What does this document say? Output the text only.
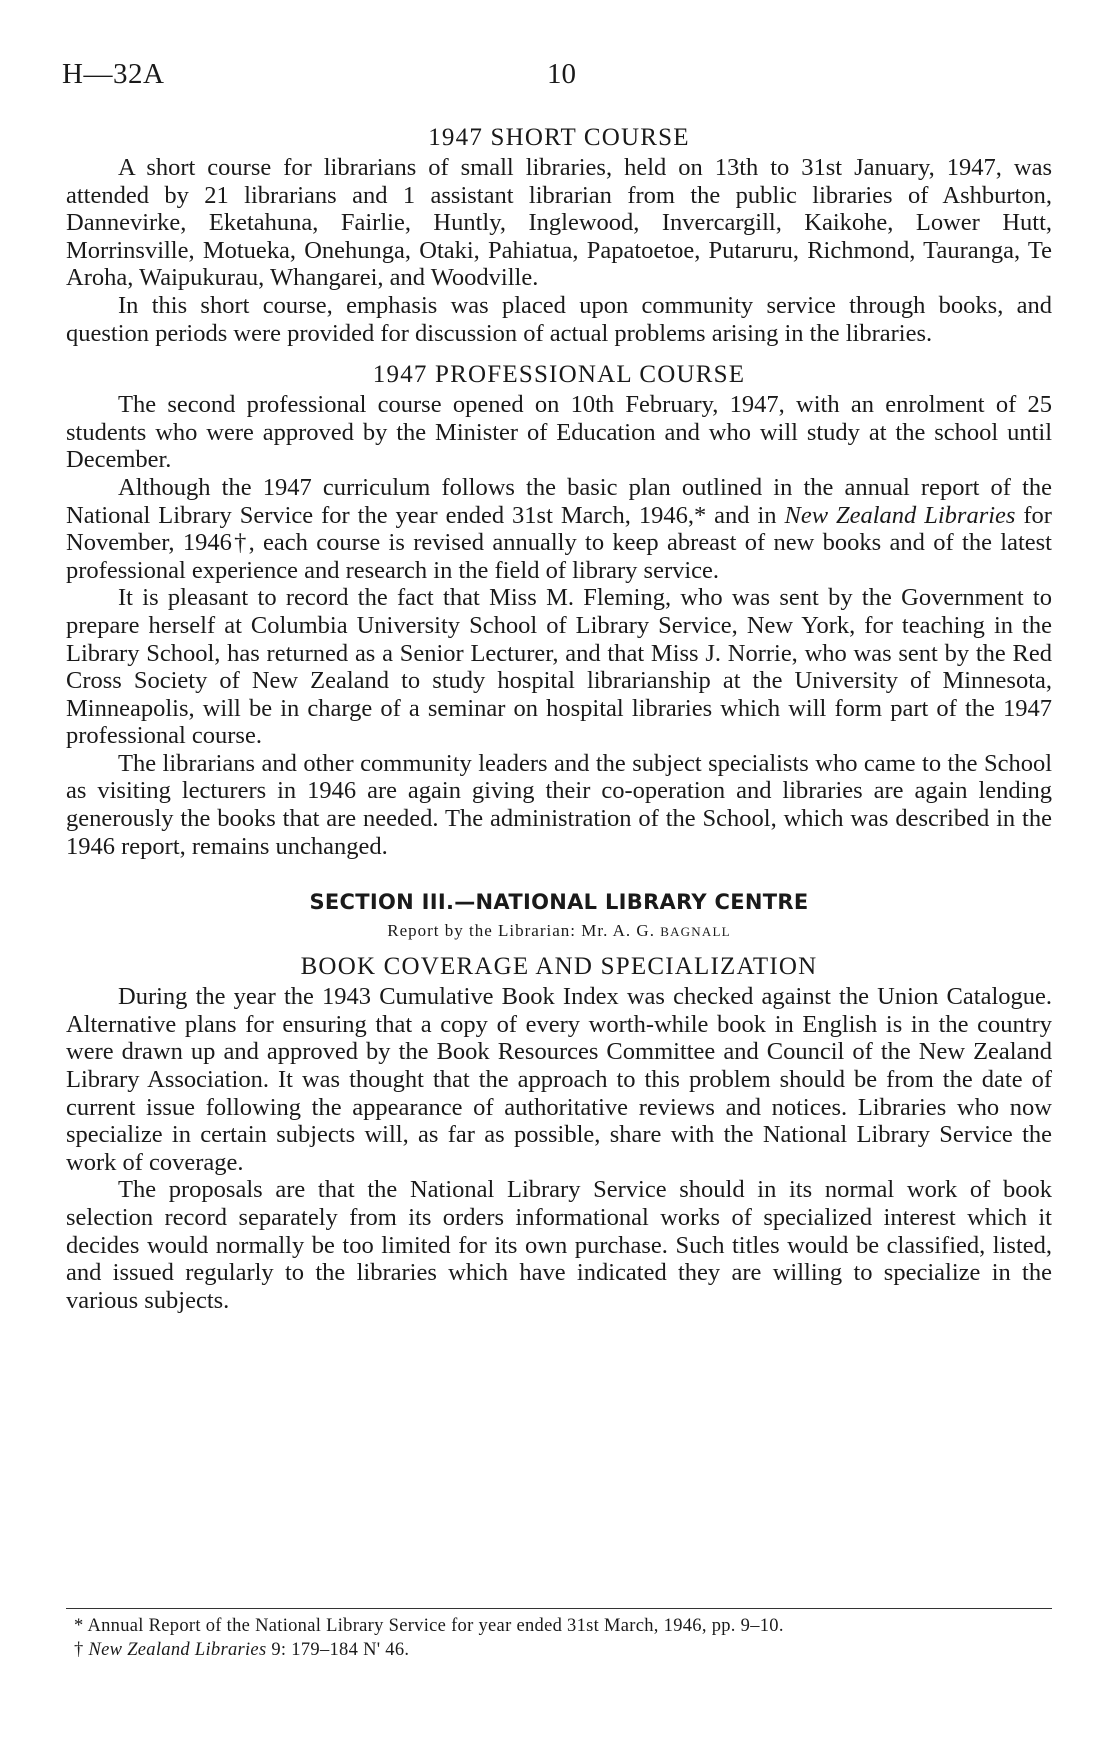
H—32A	10
1947 SHORT COURSE

A short course for librarians of small libraries, held on 13th to 31st January, 1947, was attended by 21 librarians and 1 assistant librarian from the public libraries of Ashburton, Dannevirke, Eketahuna, Fairlie, Huntly, Inglewood, Invercargill, Kaikohe, Lower Hutt, Morrinsville, Motueka, Onehunga, Otaki, Pahiatua, Papatoetoe, Putaruru, Richmond, Tauranga, Te Aroha, Waipukurau, Whangarei, and Woodville.

In this short course, emphasis was placed upon community service through books, and question periods were provided for discussion of actual problems arising in the libraries.

1947 PROFESSIONAL COURSE

The second professional course opened on 10th February, 1947, with an enrolment of 25 students who were approved by the Minister of Education and who will study at the school until December.

Although the 1947 curriculum follows the basic plan outlined in the annual report of the National Library Service for the year ended 31st March, 1946,* and in New Zealand Libraries for November, 1946†, each course is revised annually to keep abreast of new books and of the latest professional experience and research in the field of library service.

It is pleasant to record the fact that Miss M. Fleming, who was sent by the Government to prepare herself at Columbia University School of Library Service, New York, for teaching in the Library School, has returned as a Senior Lecturer, and that Miss J. Norrie, who was sent by the Red Cross Society of New Zealand to study hospital librarianship at the University of Minnesota, Minneapolis, will be in charge of a seminar on hospital libraries which will form part of the 1947 professional course.

The librarians and other community leaders and the subject specialists who came to the School as visiting lecturers in 1946 are again giving their co-operation and libraries are again lending generously the books that are needed. The administration of the School, which was described in the 1946 report, remains unchanged.

SECTION III.—NATIONAL LIBRARY CENTRE
Report by the Librarian: Mr. A. G. BAGNALL
BOOK COVERAGE AND SPECIALIZATION

During the year the 1943 Cumulative Book Index was checked against the Union Catalogue. Alternative plans for ensuring that a copy of every worth-while book in English is in the country were drawn up and approved by the Book Resources Committee and Council of the New Zealand Library Association. It was thought that the approach to this problem should be from the date of current issue following the appearance of authoritative reviews and notices. Libraries who now specialize in certain subjects will, as far as possible, share with the National Library Service the work of coverage.

The proposals are that the National Library Service should in its normal work of book selection record separately from its orders informational works of specialized interest which it decides would normally be too limited for its own purchase. Such titles would be classified, listed, and issued regularly to the libraries which have indicated they are willing to specialize in the various subjects.

* Annual Report of the National Library Service for year ended 31st March, 1946, pp. 9–10.
† New Zealand Libraries 9: 179–184 N' 46.
